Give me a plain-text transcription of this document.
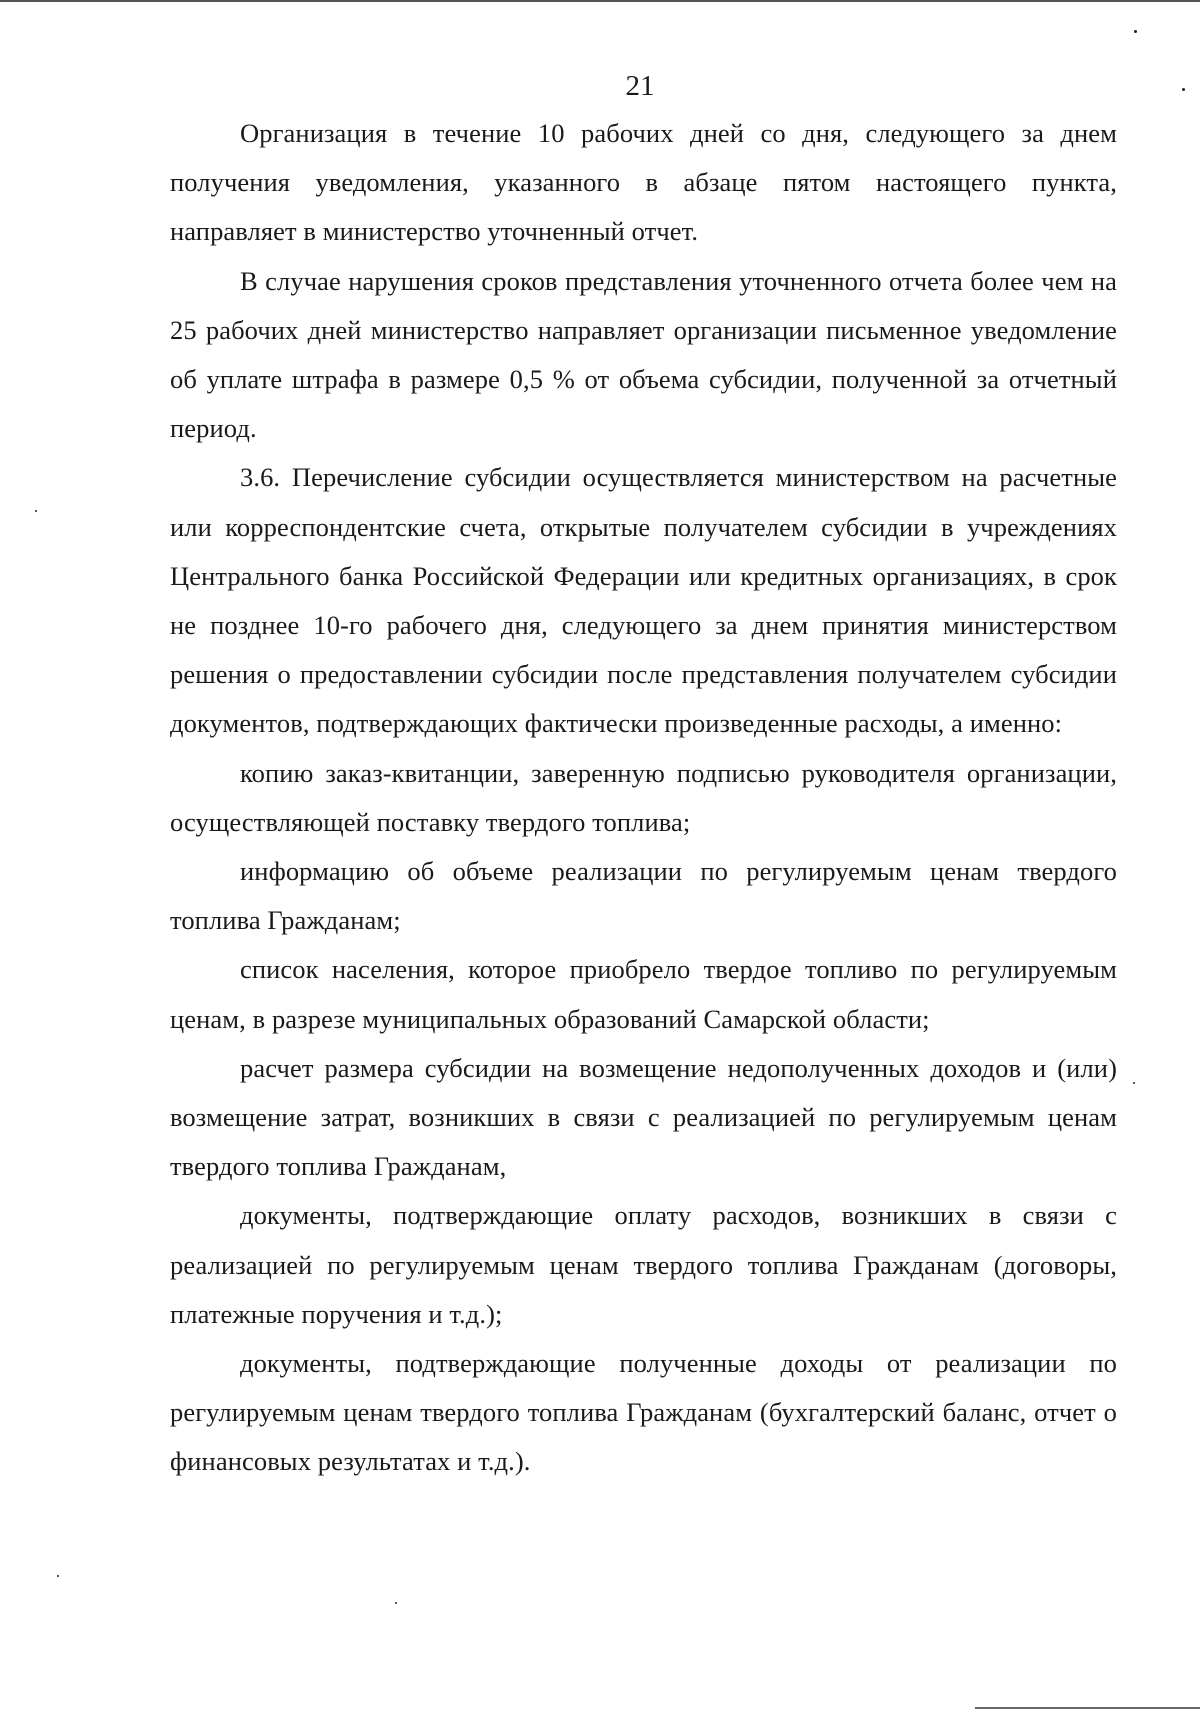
21

Организация в течение 10 рабочих дней со дня, следующего за днем получения уведомления, указанного в абзаце пятом настоящего пункта, направляет в министерство уточненный отчет.

В случае нарушения сроков представления уточненного отчета более чем на 25 рабочих дней министерство направляет организации письменное уведомление об уплате штрафа в размере 0,5 % от объема субсидии, полученной за отчетный период.

3.6. Перечисление субсидии осуществляется министерством на расчетные или корреспондентские счета, открытые получателем субсидии в учреждениях Центрального банка Российской Федерации или кредитных организациях, в срок не позднее 10-го рабочего дня, следующего за днем принятия министерством решения о предоставлении субсидии после представления получателем субсидии документов, подтверждающих фактически произведенные расходы, а именно:

копию заказ-квитанции, заверенную подписью руководителя организации, осуществляющей поставку твердого топлива;

информацию об объеме реализации по регулируемым ценам твердого топлива Гражданам;

список населения, которое приобрело твердое топливо по регулируемым ценам, в разрезе муниципальных образований Самарской области;

расчет размера субсидии на возмещение недополученных доходов и (или) возмещение затрат, возникших в связи с реализацией по регулируемым ценам твердого топлива Гражданам,

документы, подтверждающие оплату расходов, возникших в связи с реализацией по регулируемым ценам твердого топлива Гражданам (договоры, платежные поручения и т.д.);

документы, подтверждающие полученные доходы от реализации по регулируемым ценам твердого топлива Гражданам (бухгалтерский баланс, отчет о финансовых результатах и т.д.).
